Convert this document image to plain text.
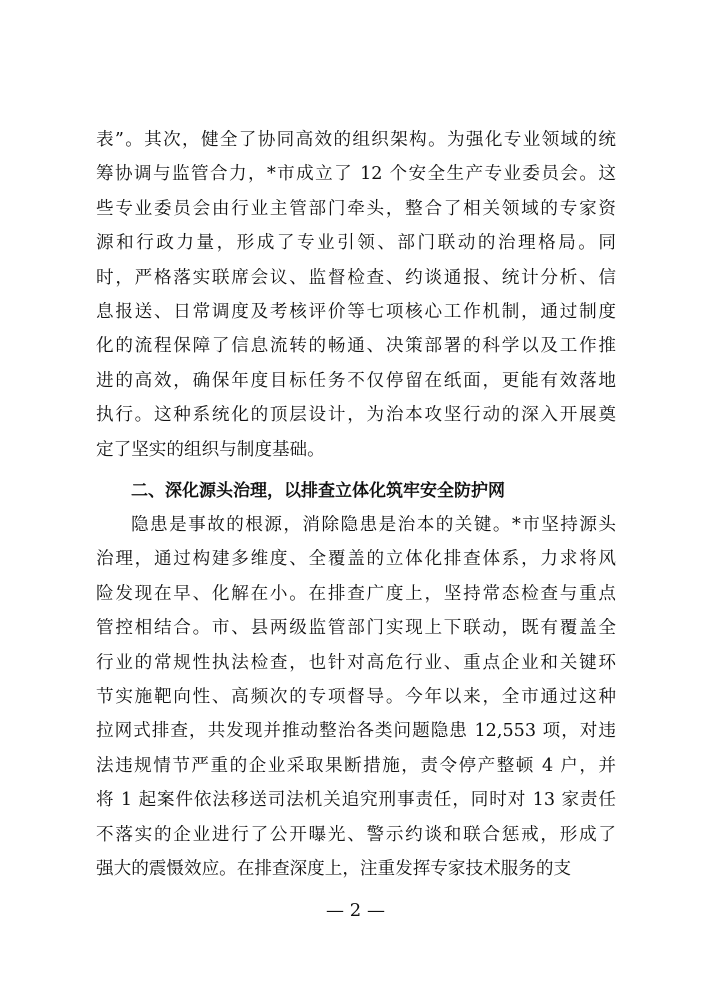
表”。其次，健全了协同高效的组织架构。为强化专业领域的统
筹协调与监管合力，*市成立了 12 个安全生产专业委员会。这
些专业委员会由行业主管部门牵头，整合了相关领域的专家资
源和行政力量，形成了专业引领、部门联动的治理格局。同
时，严格落实联席会议、监督检查、约谈通报、统计分析、信
息报送、日常调度及考核评价等七项核心工作机制，通过制度
化的流程保障了信息流转的畅通、决策部署的科学以及工作推
进的高效，确保年度目标任务不仅停留在纸面，更能有效落地
执行。这种系统化的顶层设计，为治本攻坚行动的深入开展奠
定了坚实的组织与制度基础。
二、深化源头治理，以排查立体化筑牢安全防护网
隐患是事故的根源，消除隐患是治本的关键。*市坚持源头
治理，通过构建多维度、全覆盖的立体化排查体系，力求将风
险发现在早、化解在小。在排查广度上，坚持常态检查与重点
管控相结合。市、县两级监管部门实现上下联动，既有覆盖全
行业的常规性执法检查，也针对高危行业、重点企业和关键环
节实施靶向性、高频次的专项督导。今年以来，全市通过这种
拉网式排查，共发现并推动整治各类问题隐患 12,553 项，对违
法违规情节严重的企业采取果断措施，责令停产整顿 4 户，并
将 1 起案件依法移送司法机关追究刑事责任，同时对 13 家责任
不落实的企业进行了公开曝光、警示约谈和联合惩戒，形成了
强大的震慑效应。在排查深度上，注重发挥专家技术服务的支
— 2 —
